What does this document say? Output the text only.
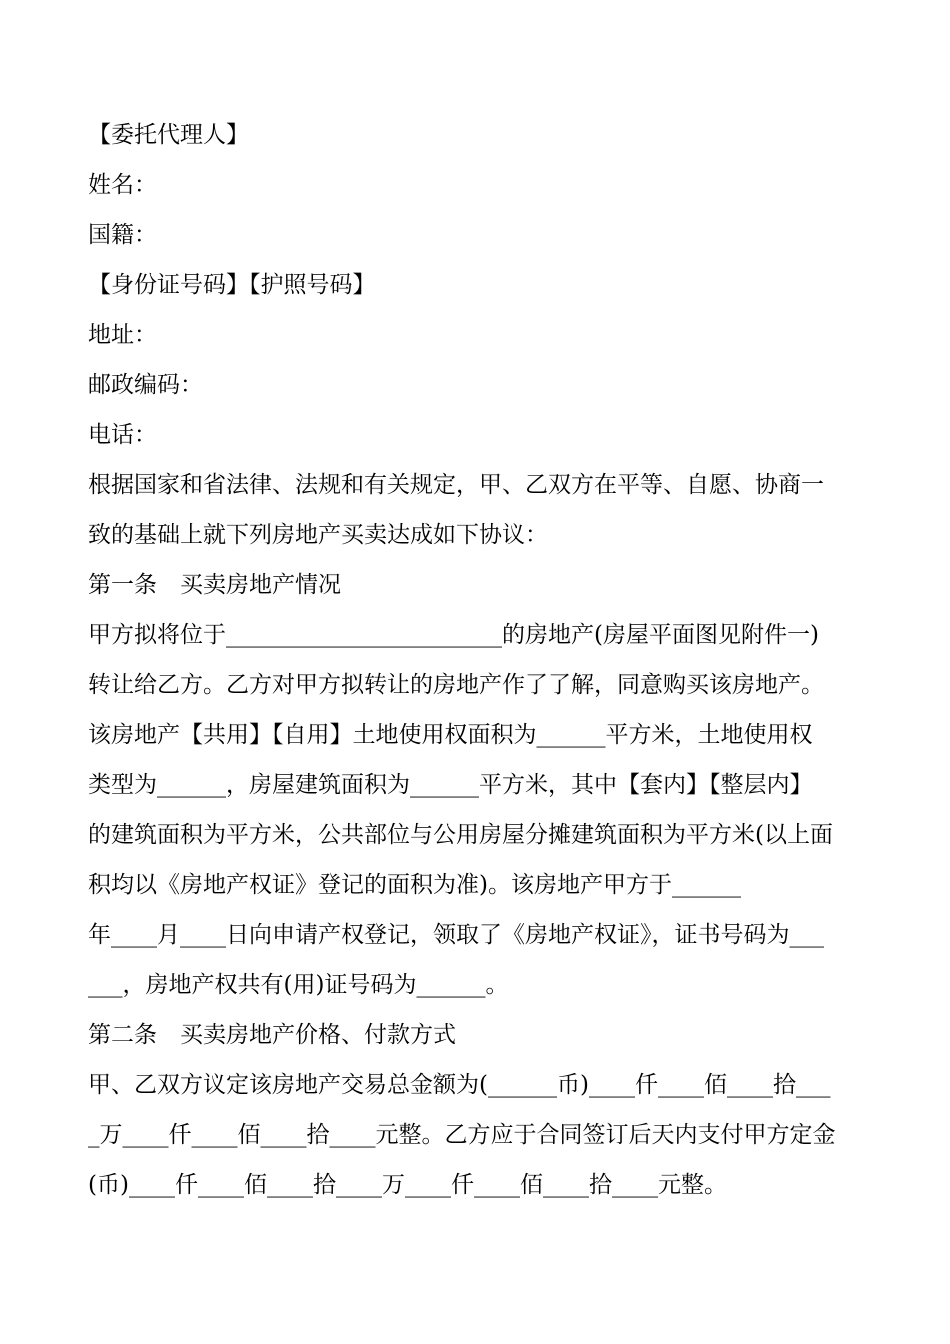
【委托代理人】
姓名：
国籍：
【身份证号码】【护照号码】
地址：
邮政编码：
电话：
根据国家和省法律、法规和有关规定，甲、乙双方在平等、自愿、协商一
致的基础上就下列房地产买卖达成如下协议：
第一条　买卖房地产情况
甲方拟将位于________________________的房地产(房屋平面图见附件一)
转让给乙方。乙方对甲方拟转让的房地产作了了解，同意购买该房地产。
该房地产【共用】【自用】土地使用权面积为______平方米，土地使用权
类型为______，房屋建筑面积为______平方米，其中【套内】【整层内】
的建筑面积为平方米，公共部位与公用房屋分摊建筑面积为平方米(以上面
积均以《房地产权证》登记的面积为准)。该房地产甲方于______
年____月____日向申请产权登记，领取了《房地产权证》，证书号码为___
___，房地产权共有(用)证号码为______。
第二条　买卖房地产价格、付款方式
甲、乙双方议定该房地产交易总金额为(______币)____仟____佰____拾___
_万____仟____佰____拾____元整。乙方应于合同签订后天内支付甲方定金
(币)____仟____佰____拾____万____仟____佰____拾____元整。
